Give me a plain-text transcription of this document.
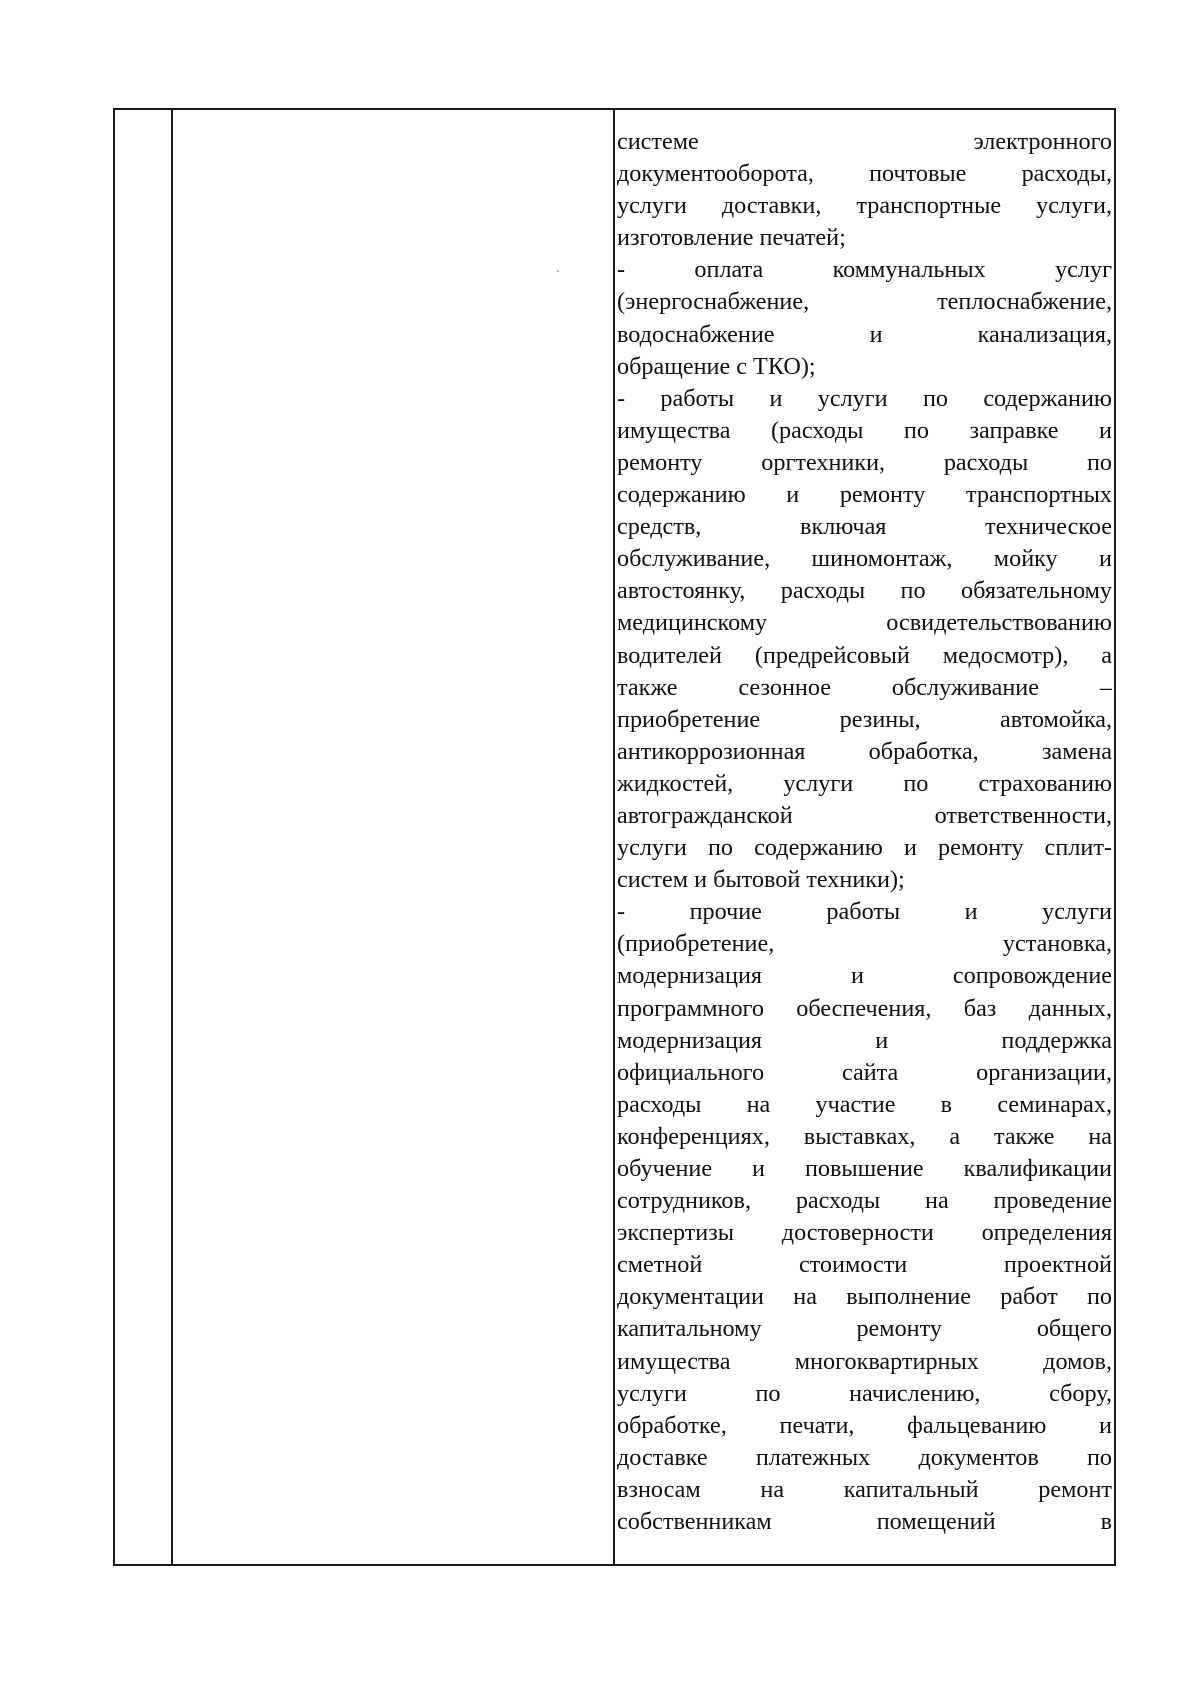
системе электронного
документооборота, почтовые расходы,
услуги доставки, транспортные услуги,
изготовление печатей;
- оплата коммунальных услуг
(энергоснабжение, теплоснабжение,
водоснабжение и канализация,
обращение с ТКО);
- работы и услуги по содержанию
имущества (расходы по заправке и
ремонту оргтехники, расходы по
содержанию и ремонту транспортных
средств, включая техническое
обслуживание, шиномонтаж, мойку и
автостоянку, расходы по обязательному
медицинскому освидетельствованию
водителей (предрейсовый медосмотр), а
также сезонное обслуживание –
приобретение резины, автомойка,
антикоррозионная обработка, замена
жидкостей, услуги по страхованию
автогражданской ответственности,
услуги по содержанию и ремонту сплит-
систем и бытовой техники);
- прочие работы и услуги
(приобретение, установка,
модернизация и сопровождение
программного обеспечения, баз данных,
модернизация и поддержка
официального сайта организации,
расходы на участие в семинарах,
конференциях, выставках, а также на
обучение и повышение квалификации
сотрудников, расходы на проведение
экспертизы достоверности определения
сметной стоимости проектной
документации на выполнение работ по
капитальному ремонту общего
имущества многоквартирных домов,
услуги по начислению, сбору,
обработке, печати, фальцеванию и
доставке платежных документов по
взносам на капитальный ремонт
собственникам помещений в
